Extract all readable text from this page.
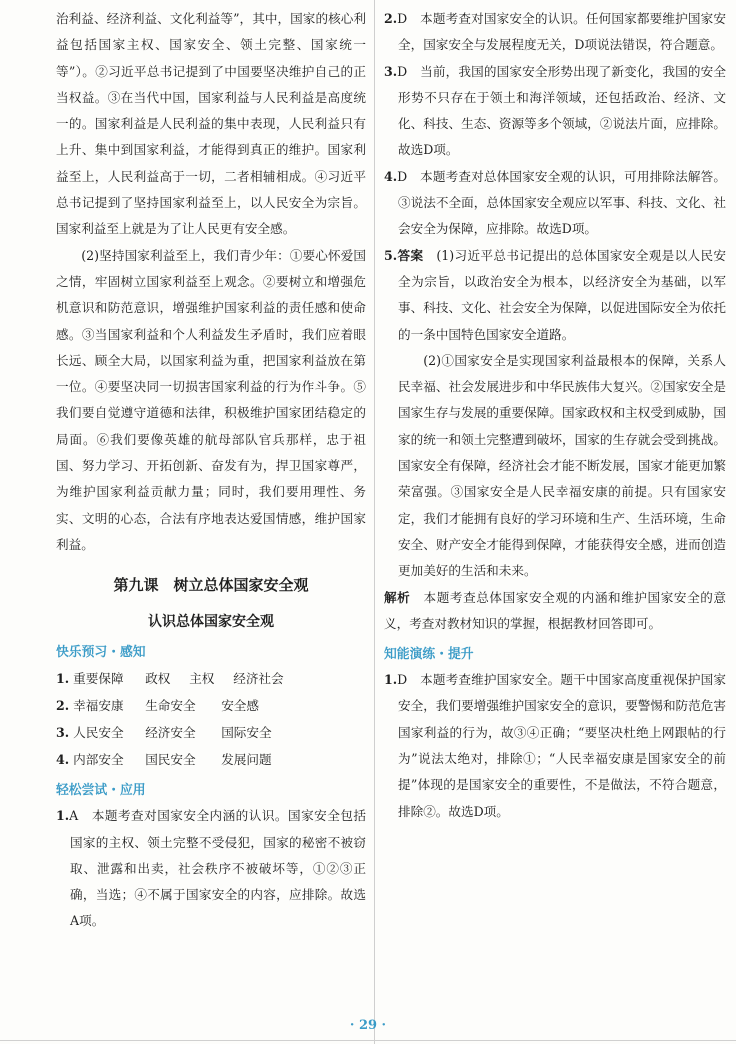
治利益、经济利益、文化利益等”，其中，国家的核心利益包括国家主权、国家安全、领土完整、国家统一等”）。②习近平总书记提到了中国要坚决维护自己的正当权益。③在当代中国，国家利益与人民利益是高度统一的。国家利益是人民利益的集中表现，人民利益只有上升、集中到国家利益，才能得到真正的维护。国家利益至上，人民利益高于一切，二者相辅相成。④习近平总书记提到了坚持国家利益至上，以人民安全为宗旨。国家利益至上就是为了让人民更有安全感。

(2)坚持国家利益至上，我们青少年：①要心怀爱国之情，牢固树立国家利益至上观念。②要树立和增强危机意识和防范意识，增强维护国家利益的责任感和使命感。③当国家利益和个人利益发生矛盾时，我们应着眼长远、顾全大局，以国家利益为重，把国家利益放在第一位。④要坚决同一切损害国家利益的行为作斗争。⑤我们要自觉遵守道德和法律，积极维护国家团结稳定的局面。⑥我们要像英雄的航母部队官兵那样，忠于祖国、努力学习、开拓创新、奋发有为，捍卫国家尊严，为维护国家利益贡献力量；同时，我们要用理性、务实、文明的心态，合法有序地表达爱国情感，维护国家利益。

第九课　树立总体国家安全观
认识总体国家安全观
快乐预习・感知
1. 重要保障 政权 主权 经济社会
2. 幸福安康 生命安全 安全感
3. 人民安全 经济安全 国际安全
4. 内部安全 国民安全 发展问题
轻松尝试・应用

1.A　本题考查对国家安全内涵的认识。国家安全包括国家的主权、领土完整不受侵犯，国家的秘密不被窃取、泄露和出卖，社会秩序不被破坏等，①②③正确，当选；④不属于国家安全的内容，应排除。故选A项。

2.D　本题考查对国家安全的认识。任何国家都要维护国家安全，国家安全与发展程度无关，D项说法错误，符合题意。

3.D　当前，我国的国家安全形势出现了新变化，我国的安全形势不只存在于领土和海洋领域，还包括政治、经济、文化、科技、生态、资源等多个领域，②说法片面，应排除。故选D项。

4.D　本题考查对总体国家安全观的认识，可用排除法解答。③说法不全面，总体国家安全观应以军事、科技、文化、社会安全为保障，应排除。故选D项。

5.答案　 (1)习近平总书记提出的总体国家安全观是以人民安全为宗旨，以政治安全为根本，以经济安全为基础，以军事、科技、文化、社会安全为保障，以促进国际安全为依托的一条中国特色国家安全道路。

(2)①国家安全是实现国家利益最根本的保障，关系人民幸福、社会发展进步和中华民族伟大复兴。②国家安全是国家生存与发展的重要保障。国家政权和主权受到威胁，国家的统一和领土完整遭到破坏，国家的生存就会受到挑战。国家安全有保障，经济社会才能不断发展，国家才能更加繁荣富强。③国家安全是人民幸福安康的前提。只有国家安定，我们才能拥有良好的学习环境和生产、生活环境，生命安全、财产安全才能得到保障，才能获得安全感，进而创造更加美好的生活和未来。

解析　 本题考查总体国家安全观的内涵和维护国家安全的意义，考查对教材知识的掌握，根据教材回答即可。

知能演练・提升

1.D　本题考查维护国家安全。题干中国家高度重视保护国家安全，我们要增强维护国家安全的意识，要警惕和防范危害国家利益的行为，故③④正确；“要坚决杜绝上网跟帖的行为”说法太绝对，排除①；“人民幸福安康是国家安全的前提”体现的是国家安全的重要性，不是做法，不符合题意，排除②。故选D项。

· 29 ·
